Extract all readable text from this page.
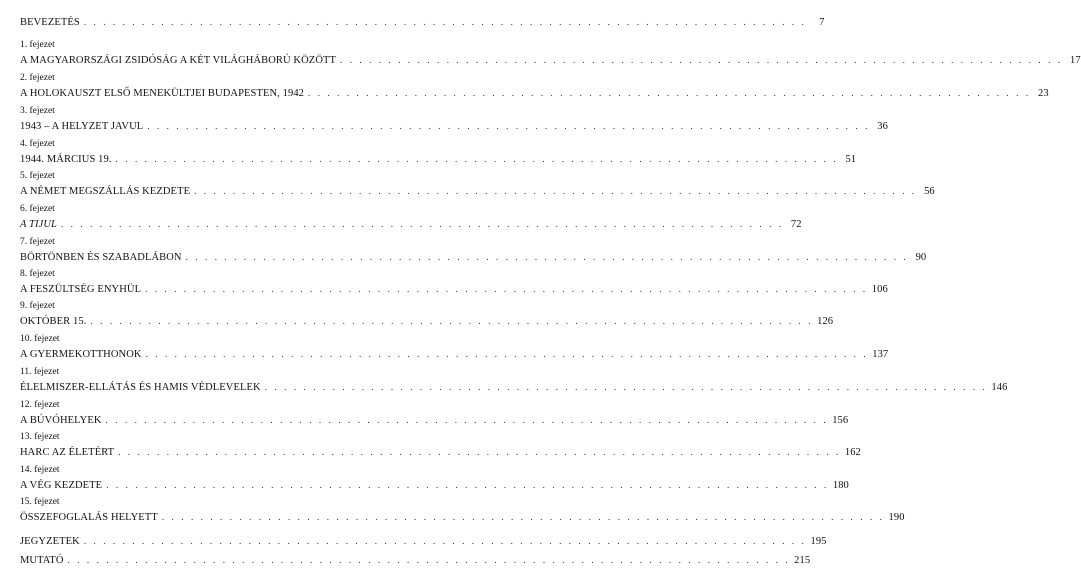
BEVEZETÉS . . . . . . . . . . . . . . . . . . . . . . . . . . . . . . . . . . . . . . . . . . . . . . . . . . . . . . . . . . . . . . . . . . . . . . . . . . .	7
1. fejezet
A MAGYARORSZÁGI ZSIDÓSÁG A KÉT VILÁGHÁBORÚ KÖZÖTT . . . . . . . . . . . . . . . . . . . . . . . . . . . . . . . . . . . . . . . . . . . . . . . . . . . . . . . . . . . . . . . . . . . . . . . . . . . 17
2. fejezet
A HOLOKAUSZT ELSŐ MENEKÜLTJEI BUDAPESTEN, 1942 . . . . . . . . . . . . . . . . . . . . . . . . . . . . . . . . . . . . . . . . . . . . . . . . . . . . . . . . . . . . . . . . . . . . . . . . . . . 23
3. fejezet
1943 – A HELYZET JAVUL . . . . . . . . . . . . . . . . . . . . . . . . . . . . . . . . . . . . . . . . . . . . . . . . . . . . . . . . . . . . . . . . . . . . . . . . . . . 36
4. fejezet
1944. MÁRCIUS 19. . . . . . . . . . . . . . . . . . . . . . . . . . . . . . . . . . . . . . . . . . . . . . . . . . . . . . . . . . . . . . . . . . . . . . . . . . . . 51
5. fejezet
A NÉMET MEGSZÁLLÁS KEZDETE . . . . . . . . . . . . . . . . . . . . . . . . . . . . . . . . . . . . . . . . . . . . . . . . . . . . . . . . . . . . . . . . . . . . . . . . . . . 56
6. fejezet
A TIJUL . . . . . . . . . . . . . . . . . . . . . . . . . . . . . . . . . . . . . . . . . . . . . . . . . . . . . . . . . . . . . . . . . . . . . . . . . . . 72
7. fejezet
BÖRTÖNBEN ÉS SZABADLÁBON . . . . . . . . . . . . . . . . . . . . . . . . . . . . . . . . . . . . . . . . . . . . . . . . . . . . . . . . . . . . . . . . . . . . . . . . . . . 90
8. fejezet
A FESZÜLTSÉG ENYHÜL . . . . . . . . . . . . . . . . . . . . . . . . . . . . . . . . . . . . . . . . . . . . . . . . . . . . . . . . . . . . . . . . . . . . . . . . . . . 106
9. fejezet
OKTÓBER 15. . . . . . . . . . . . . . . . . . . . . . . . . . . . . . . . . . . . . . . . . . . . . . . . . . . . . . . . . . . . . . . . . . . . . . . . . . . . 126
10. fejezet
A GYERMEKOTTHONOK . . . . . . . . . . . . . . . . . . . . . . . . . . . . . . . . . . . . . . . . . . . . . . . . . . . . . . . . . . . . . . . . . . . . . . . . . . . 137
11. fejezet
ÉLELMISZER-ELLÁTÁS ÉS HAMIS VÉDLEVELEK . . . . . . . . . . . . . . . . . . . . . . . . . . . . . . . . . . . . . . . . . . . . . . . . . . . . . . . . . . . . . . . . . . . . . . . . . . . 146
12. fejezet
A BÚVÓHELYEK . . . . . . . . . . . . . . . . . . . . . . . . . . . . . . . . . . . . . . . . . . . . . . . . . . . . . . . . . . . . . . . . . . . . . . . . . . . 156
13. fejezet
HARC AZ ÉLETÉRT . . . . . . . . . . . . . . . . . . . . . . . . . . . . . . . . . . . . . . . . . . . . . . . . . . . . . . . . . . . . . . . . . . . . . . . . . . . 162
14. fejezet
A VÉG KEZDETE . . . . . . . . . . . . . . . . . . . . . . . . . . . . . . . . . . . . . . . . . . . . . . . . . . . . . . . . . . . . . . . . . . . . . . . . . . . 180
15. fejezet
ÖSSZEFOGLALÁS HELYETT . . . . . . . . . . . . . . . . . . . . . . . . . . . . . . . . . . . . . . . . . . . . . . . . . . . . . . . . . . . . . . . . . . . . . . . . . . . 190
JEGYZETEK . . . . . . . . . . . . . . . . . . . . . . . . . . . . . . . . . . . . . . . . . . . . . . . . . . . . . . . . . . . . . . . . . . . . . . . . . . . 195
MUTATÓ . . . . . . . . . . . . . . . . . . . . . . . . . . . . . . . . . . . . . . . . . . . . . . . . . . . . . . . . . . . . . . . . . . . . . . . . . . . 215
